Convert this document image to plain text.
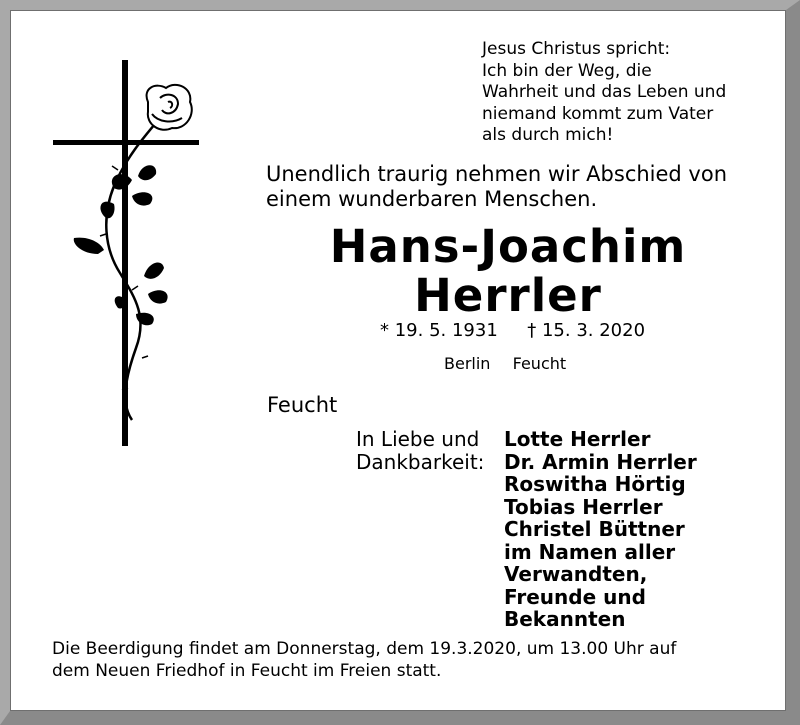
Jesus Christus spricht:
Ich bin der Weg, die
Wahrheit und das Leben und
niemand kommt zum Vater
als durch mich!
Unendlich traurig nehmen wir Abschied von
einem wunderbaren Menschen.
Hans-Joachim
Herrler
* 19. 5. 1931 † 15. 3. 2020
Berlin Feucht
Feucht
In Liebe und
Dankbarkeit:
Lotte Herrler
Dr. Armin Herrler
Roswitha Hörtig
Tobias Herrler
Christel Büttner
im Namen aller
Verwandten,
Freunde und
Bekannten
Die Beerdigung findet am Donnerstag, dem 19.3.2020, um 13.00 Uhr auf
dem Neuen Friedhof in Feucht im Freien statt.
